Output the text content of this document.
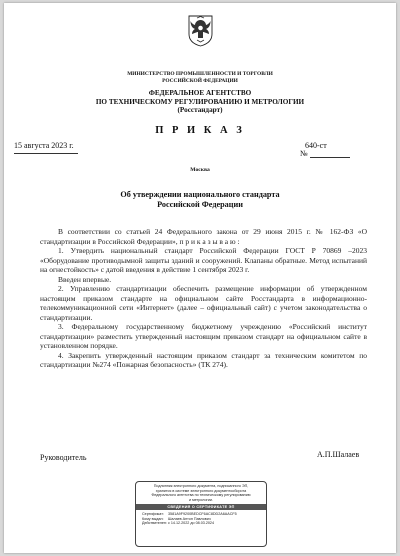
МИНИСТЕРСТВО ПРОМЫШЛЕННОСТИ И ТОРГОВЛИ
РОССИЙСКОЙ ФЕДЕРАЦИИ
ФЕДЕРАЛЬНОЕ АГЕНТСТВО
ПО ТЕХНИЧЕСКОМУ РЕГУЛИРОВАНИЮ И МЕТРОЛОГИИ
(Росстандарт)
П Р И К А З
15 августа 2023 г.	640-ст
№
Москва
Об утверждении национального стандарта
Российской Федерации

В соответствии со статьей 24 Федерального закона от 29 июня 2015 г. № 162-ФЗ «О стандартизации в Российской Федерации», п р и к а з ы в а ю :

1. Утвердить национальный стандарт Российской Федерации ГОСТ Р 70869 –2023 «Оборудование противодымной защиты зданий и сооружений. Клапаны обратные. Метод испытаний на огнестойкость» с датой введения в действие 1 сентября 2023 г.

Введен впервые.

2. Управлению стандартизации обеспечить размещение информации об утвержденном настоящим приказом стандарте на официальном сайте Росстандарта в информационно-телекоммуникационной сети «Интернет» (далее – официальный сайт) с учетом законодательства о стандартизации.

3. Федеральному государственному бюджетному учреждению «Российский институт стандартизации» разместить утвержденный настоящим приказом стандарт на официальном сайте в установленном порядке.

4. Закрепить утвержденный настоящим приказом стандарт за техническим комитетом по стандартизации №274 «Пожарная безопасность» (ТК 274).

Руководитель	А.П.Шалаев
Подлинник электронного документа, подписанного ЭП,
хранится в системе электронного документооборота
Федерального агентства по техническому регулированию
и метрологии.
СВЕДЕНИЯ О СЕРТИФИКАТЕ ЭП
Сертификат: 3581A9F9200BEDCF6AC8DD2A6AACF5
Кому выдан: Шалаев Антон Павлович
Действителен:с 14.12.2022 до 08.03.2024
